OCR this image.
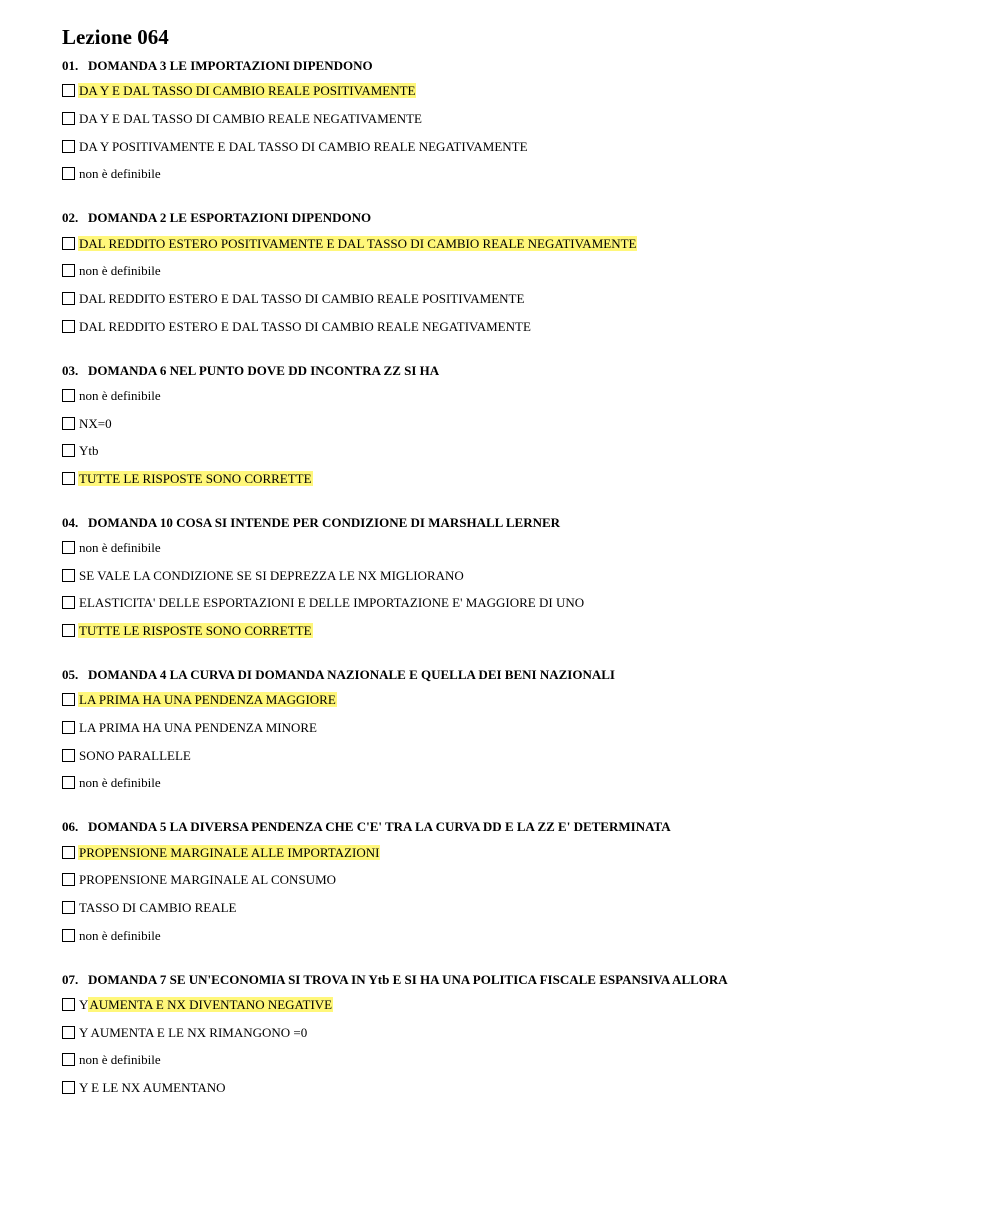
Lezione 064
01. DOMANDA 3 LE IMPORTAZIONI DIPENDONO
DA Y E DAL TASSO DI CAMBIO REALE POSITIVAMENTE
DA Y E DAL TASSO DI CAMBIO REALE NEGATIVAMENTE
DA Y POSITIVAMENTE E DAL TASSO DI CAMBIO REALE NEGATIVAMENTE
non è definibile
02. DOMANDA 2 LE ESPORTAZIONI DIPENDONO
DAL REDDITO ESTERO POSITIVAMENTE E DAL TASSO DI CAMBIO REALE NEGATIVAMENTE
non è definibile
DAL REDDITO ESTERO E DAL TASSO DI CAMBIO REALE POSITIVAMENTE
DAL REDDITO ESTERO E DAL TASSO DI CAMBIO REALE NEGATIVAMENTE
03. DOMANDA 6 NEL PUNTO DOVE DD INCONTRA ZZ SI HA
non è definibile
NX=0
Ytb
TUTTE LE RISPOSTE SONO CORRETTE
04. DOMANDA 10 COSA SI INTENDE PER CONDIZIONE DI MARSHALL LERNER
non è definibile
SE VALE LA CONDIZIONE SE SI DEPREZZA LE NX MIGLIORANO
ELASTICITA' DELLE ESPORTAZIONI E DELLE IMPORTAZIONE E' MAGGIORE DI UNO
TUTTE LE RISPOSTE SONO CORRETTE
05. DOMANDA 4 LA CURVA DI DOMANDA NAZIONALE E QUELLA DEI BENI NAZIONALI
LA PRIMA HA UNA PENDENZA MAGGIORE
LA PRIMA HA UNA PENDENZA MINORE
SONO PARALLELE
non è definibile
06. DOMANDA 5 LA DIVERSA PENDENZA CHE C'E' TRA LA CURVA DD E LA ZZ E' DETERMINATA
PROPENSIONE MARGINALE ALLE IMPORTAZIONI
PROPENSIONE MARGINALE AL CONSUMO
TASSO DI CAMBIO REALE
non è definibile
07. DOMANDA 7 SE UN'ECONOMIA SI TROVA IN Ytb E SI HA UNA POLITICA FISCALE ESPANSIVA ALLORA
Y AUMENTA E NX DIVENTANO NEGATIVE
Y AUMENTA E LE NX RIMANGONO =0
non è definibile
Y E LE NX AUMENTANO
